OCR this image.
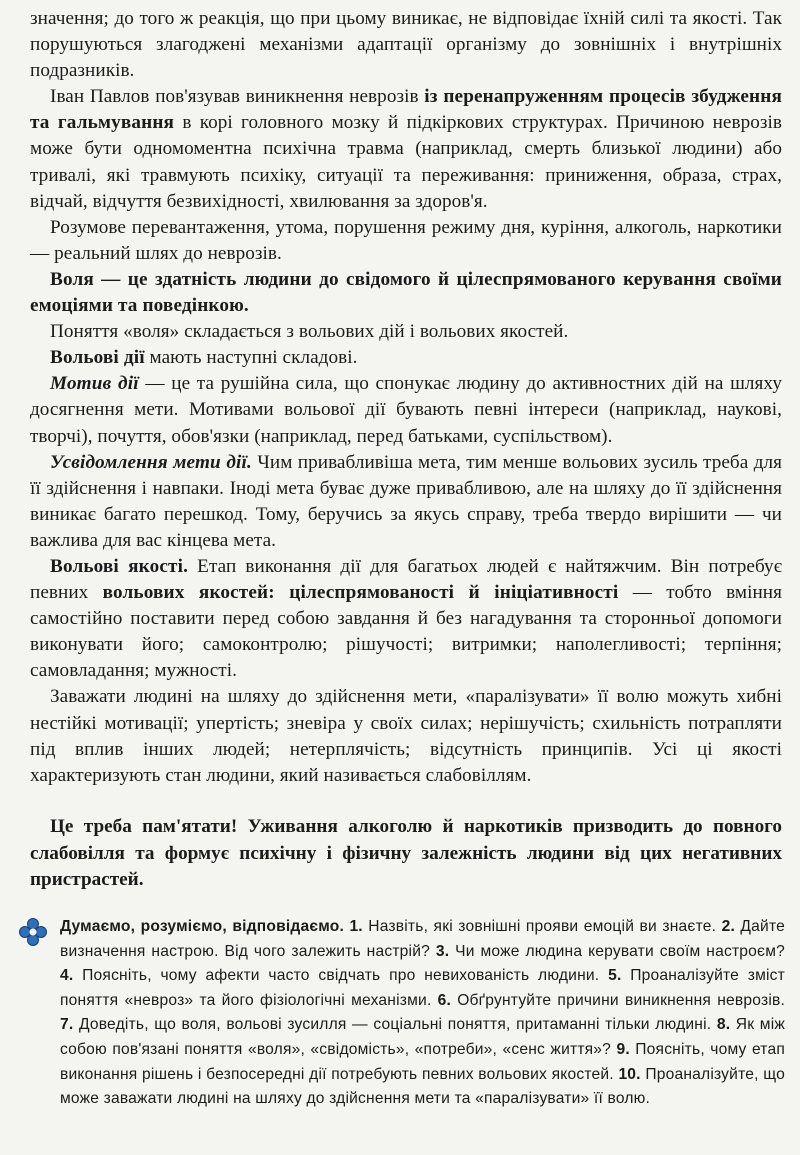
значення; до того ж реакція, що при цьому виникає, не відповідає їхній силі та якості. Так порушуються злагоджені механізми адаптації організму до зовнішніх і внутрішніх подразників.

Іван Павлов пов'язував виникнення неврозів із перенапруженням процесів збудження та гальмування в корі головного мозку й підкіркових структурах. Причиною неврозів може бути одномоментна психічна травма (наприклад, смерть близької людини) або тривалі, які травмують психіку, ситуації та переживання: приниження, образа, страх, відчай, відчуття безвихідності, хвилювання за здоров'я.

Розумове перевантаження, утома, порушення режиму дня, куріння, алкоголь, наркотики — реальний шлях до неврозів.

Воля — це здатність людини до свідомого й цілеспрямованого керування своїми емоціями та поведінкою.

Поняття «воля» складається з вольових дій і вольових якостей.

Вольові дії мають наступні складові.

Мотив дії — це та рушійна сила, що спонукає людину до активностних дій на шляху досягнення мети. Мотивами вольової дії бувають певні інтереси (наприклад, наукові, творчі), почуття, обов'язки (наприклад, перед батьками, суспільством).

Усвідомлення мети дії. Чим привабливіша мета, тим менше вольових зусиль треба для її здійснення і навпаки. Іноді мета буває дуже привабливою, але на шляху до її здійснення виникає багато перешкод. Тому, беручись за якусь справу, треба твердо вирішити — чи важлива для вас кінцева мета.

Вольові якості. Етап виконання дії для багатьох людей є найтяжчим. Він потребує певних вольових якостей: цілеспрямованості й ініціативності — тобто вміння самостійно поставити перед собою завдання й без нагадування та сторонньої допомоги виконувати його; самоконтролю; рішучості; витримки; наполегливості; терпіння; самовладання; мужності.

Заважати людині на шляху до здійснення мети, «паралізувати» її волю можуть хибні нестійкі мотивації; упертість; зневіра у своїх силах; нерішучість; схильність потрапляти під вплив інших людей; нетерплячість; відсутність принципів. Усі ці якості характеризують стан людини, який називається слабовіллям.

Це треба пам'ятати! Уживання алкоголю й наркотиків призводить до повного слабовілля та формує психічну і фізичну залежність людини від цих негативних пристрастей.
Думаємо, розуміємо, відповідаємо. 1. Назвіть, які зовнішні прояви емоцій ви знаєте. 2. Дайте визначення настрою. Від чого залежить настрій? 3. Чи може людина керувати своїм настроєм? 4. Поясніть, чому афекти часто свідчать про невихованість людини. 5. Проаналізуйте зміст поняття «невроз» та його фізіологічні механізми. 6. Обґрунтуйте причини виникнення неврозів. 7. Доведіть, що воля, вольові зусилля — соціальні поняття, притаманні тільки людині. 8. Як між собою пов'язані поняття «воля», «свідомість», «потреби», «сенс життя»? 9. Поясніть, чому етап виконання рішень і безпосередні дії потребують певних вольових якостей. 10. Проаналізуйте, що може заважати людині на шляху до здійснення мети та «паралізувати» її волю.
